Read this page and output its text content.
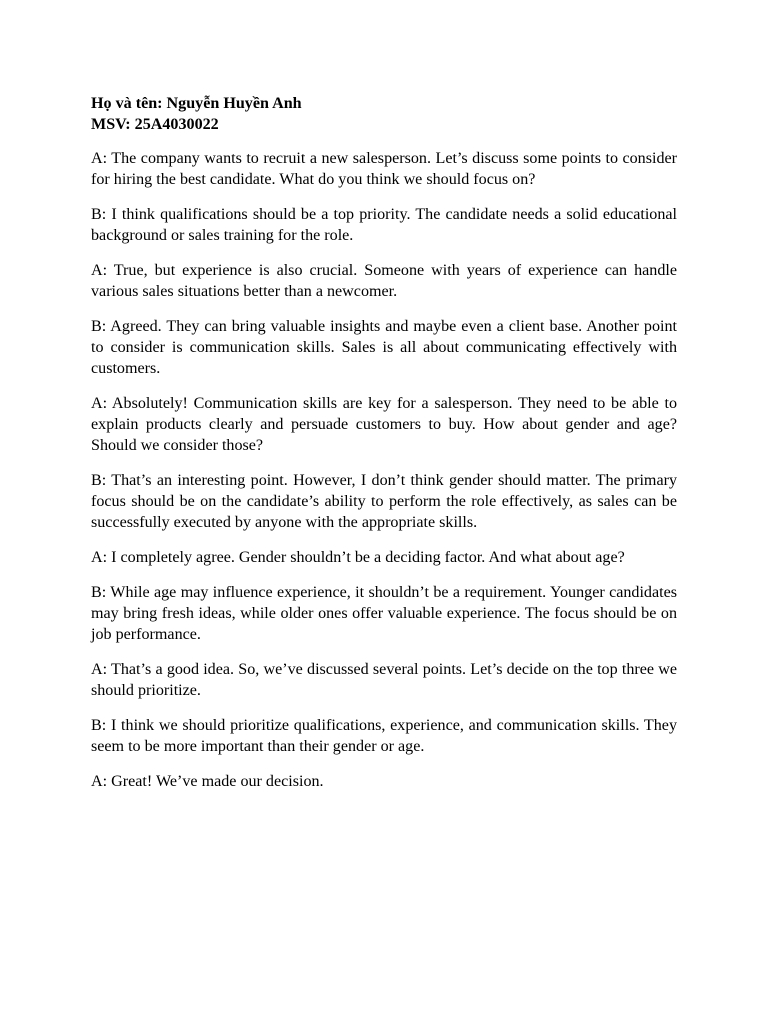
Họ và tên: Nguyễn Huyền Anh
MSV: 25A4030022

A: The company wants to recruit a new salesperson. Let’s discuss some points to consider for hiring the best candidate. What do you think we should focus on?

B: I think qualifications should be a top priority. The candidate needs a solid educational background or sales training for the role.

A: True, but experience is also crucial. Someone with years of experience can handle various sales situations better than a newcomer.

B: Agreed. They can bring valuable insights and maybe even a client base. Another point to consider is communication skills. Sales is all about communicating effectively with customers.

A: Absolutely! Communication skills are key for a salesperson. They need to be able to explain products clearly and persuade customers to buy. How about gender and age? Should we consider those?

B: That’s an interesting point. However, I don’t think gender should matter. The primary focus should be on the candidate’s ability to perform the role effectively, as sales can be successfully executed by anyone with the appropriate skills.

A: I completely agree. Gender shouldn’t be a deciding factor. And what about age?

B: While age may influence experience, it shouldn’t be a requirement. Younger candidates may bring fresh ideas, while older ones offer valuable experience. The focus should be on job performance.

A: That’s a good idea. So, we’ve discussed several points. Let’s decide on the top three we should prioritize.

B: I think we should prioritize qualifications, experience, and communication skills. They seem to be more important than their gender or age.

A: Great! We’ve made our decision.
